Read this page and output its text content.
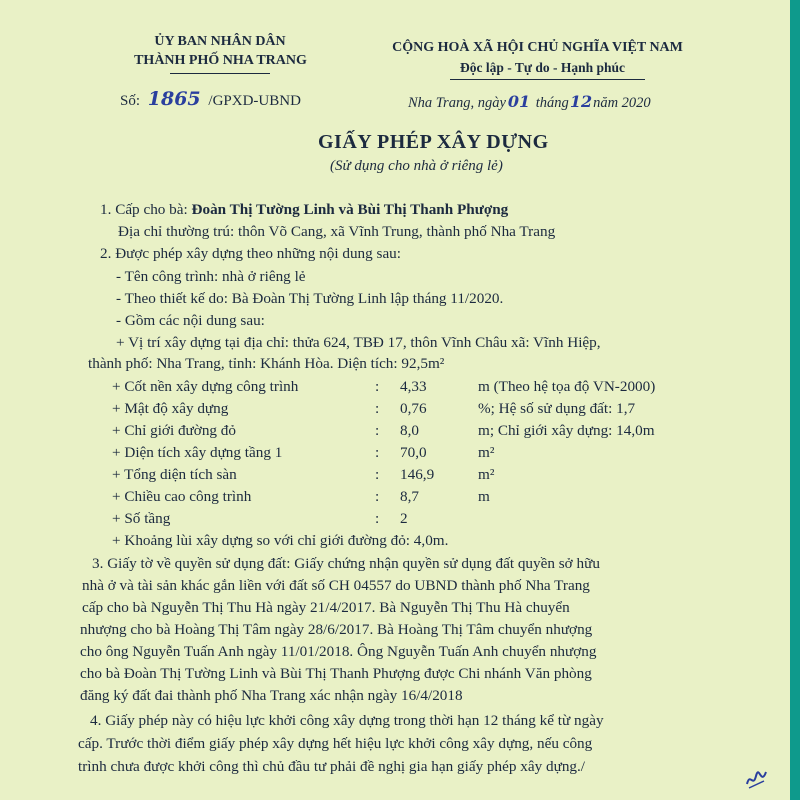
ỦY BAN NHÂN DÂN
THÀNH PHỐ NHA TRANG
CỘNG HOÀ XÃ HỘI CHỦ NGHĨA VIỆT NAM
Độc lập - Tự do - Hạnh phúc
Số: 1865 /GPXD-UBND	Nha Trang, ngày 01 tháng12năm 2020
GIẤY PHÉP XÂY DỰNG
(Sử dụng cho nhà ở riêng lẻ)
1. Cấp cho bà: Đoàn Thị Tường Linh và Bùi Thị Thanh Phượng
Địa chỉ thường trú: thôn Võ Cang, xã Vĩnh Trung, thành phố Nha Trang
2. Được phép xây dựng theo những nội dung sau:
- Tên công trình: nhà ở riêng lẻ
- Theo thiết kế do: Bà Đoàn Thị Tường Linh lập tháng 11/2020.
- Gồm các nội dung sau:
+ Vị trí xây dựng tại địa chỉ: thửa 624, TBĐ 17, thôn Vĩnh Châu xã: Vĩnh Hiệp,
thành phố: Nha Trang, tỉnh: Khánh Hòa. Diện tích: 92,5m²
+ Cốt nền xây dựng công trình	: 4,33	m (Theo hệ tọa độ VN-2000)
+ Mật độ xây dựng	: 0,76	%; Hệ số sử dụng đất: 1,7
+ Chỉ giới đường đỏ	: 8,0	m; Chỉ giới xây dựng: 14,0m
+ Diện tích xây dựng tầng 1	: 70,0	m²
+ Tổng diện tích sàn	: 146,9	m²
+ Chiều cao công trình	: 8,7	m
+ Số tầng	: 2
+ Khoảng lùi xây dựng so với chỉ giới đường đỏ: 4,0m.
3. Giấy tờ về quyền sử dụng đất: Giấy chứng nhận quyền sử dụng đất quyền sở hữu
nhà ở và tài sản khác gắn liền với đất số CH 04557 do UBND thành phố Nha Trang
cấp cho bà Nguyễn Thị Thu Hà ngày 21/4/2017. Bà Nguyễn Thị Thu Hà chuyển
nhượng cho bà Hoàng Thị Tâm ngày 28/6/2017. Bà Hoàng Thị Tâm chuyển nhượng
cho ông Nguyễn Tuấn Anh ngày 11/01/2018. Ông Nguyễn Tuấn Anh chuyển nhượng
cho bà Đoàn Thị Tường Linh và Bùi Thị Thanh Phượng được Chi nhánh Văn phòng
đăng ký đất đai thành phố Nha Trang xác nhận ngày 16/4/2018
4. Giấy phép này có hiệu lực khởi công xây dựng trong thời hạn 12 tháng kể từ ngày
cấp. Trước thời điểm giấy phép xây dựng hết hiệu lực khởi công xây dựng, nếu công
trình chưa được khởi công thì chủ đầu tư phải đề nghị gia hạn giấy phép xây dựng./
